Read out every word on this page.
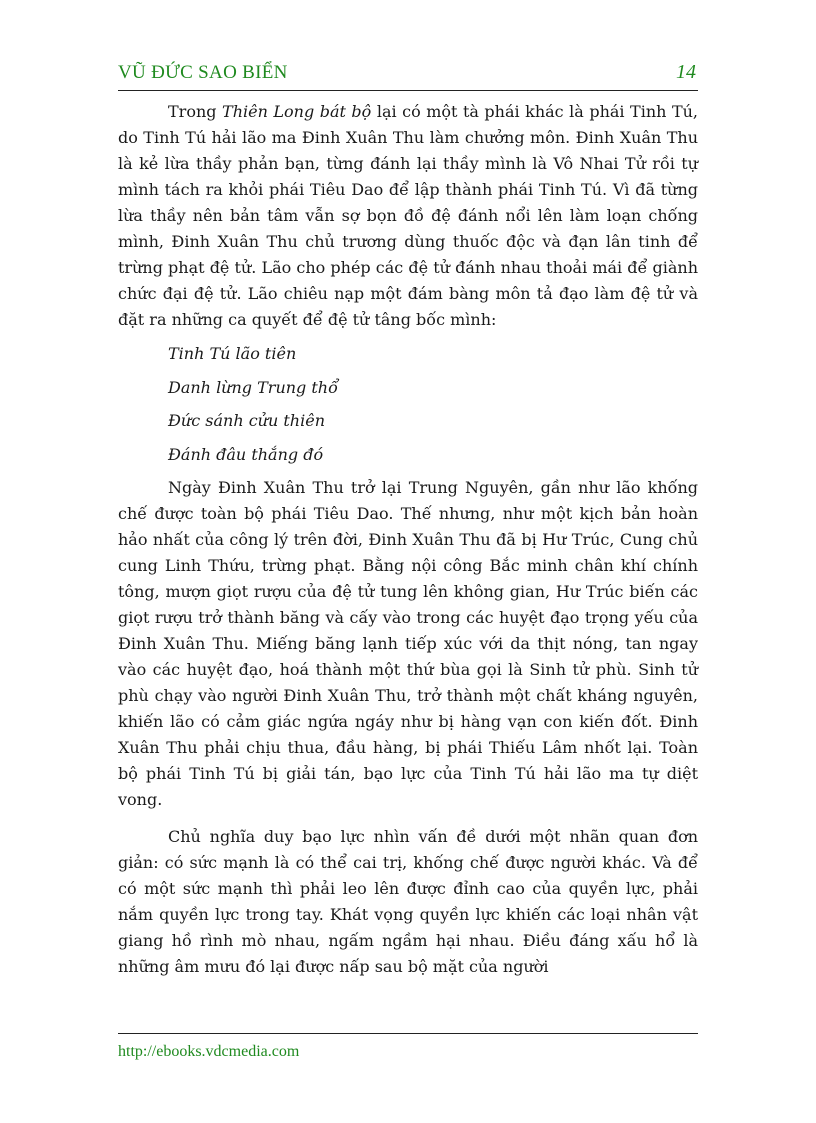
VŨ ĐỨC SAO BIỂN	14

Trong Thiên Long bát bộ lại có một tà phái khác là phái Tinh Tú, do Tinh Tú hải lão ma Đinh Xuân Thu làm chưởng môn. Đinh Xuân Thu là kẻ lừa thầy phản bạn, từng đánh lại thầy mình là Vô Nhai Tử rồi tự mình tách ra khỏi phái Tiêu Dao để lập thành phái Tinh Tú. Vì đã từng lừa thầy nên bản tâm vẫn sợ bọn đồ đệ đánh nổi lên làm loạn chống mình, Đinh Xuân Thu chủ trương dùng thuốc độc và đạn lân tinh để trừng phạt đệ tử. Lão cho phép các đệ tử đánh nhau thoải mái để giành chức đại đệ tử. Lão chiêu nạp một đám bàng môn tả đạo làm đệ tử và đặt ra những ca quyết để đệ tử tâng bốc mình:

Tinh Tú lão tiên
Danh lừng Trung thổ
Đức sánh cửu thiên
Đánh đâu thắng đó

Ngày Đinh Xuân Thu trở lại Trung Nguyên, gần như lão khống chế được toàn bộ phái Tiêu Dao. Thế nhưng, như một kịch bản hoàn hảo nhất của công lý trên đời, Đinh Xuân Thu đã bị Hư Trúc, Cung chủ cung Linh Thứu, trừng phạt. Bằng nội công Bắc minh chân khí chính tông, mượn giọt rượu của đệ tử tung lên không gian, Hư Trúc biến các giọt rượu trở thành băng và cấy vào trong các huyệt đạo trọng yếu của Đinh Xuân Thu. Miếng băng lạnh tiếp xúc với da thịt nóng, tan ngay vào các huyệt đạo, hoá thành một thứ bùa gọi là Sinh tử phù. Sinh tử phù chạy vào người Đinh Xuân Thu, trở thành một chất kháng nguyên, khiến lão có cảm giác ngứa ngáy như bị hàng vạn con kiến đốt. Đinh Xuân Thu phải chịu thua, đầu hàng, bị phái Thiếu Lâm nhốt lại. Toàn bộ phái Tinh Tú bị giải tán, bạo lực của Tinh Tú hải lão ma tự diệt vong.

Chủ nghĩa duy bạo lực nhìn vấn đề dưới một nhãn quan đơn giản: có sức mạnh là có thể cai trị, khống chế được người khác. Và để có một sức mạnh thì phải leo lên được đỉnh cao của quyền lực, phải nắm quyền lực trong tay. Khát vọng quyền lực khiến các loại nhân vật giang hồ rình mò nhau, ngấm ngầm hại nhau. Điều đáng xấu hổ là những âm mưu đó lại được nấp sau bộ mặt của người

http://ebooks.vdcmedia.com
